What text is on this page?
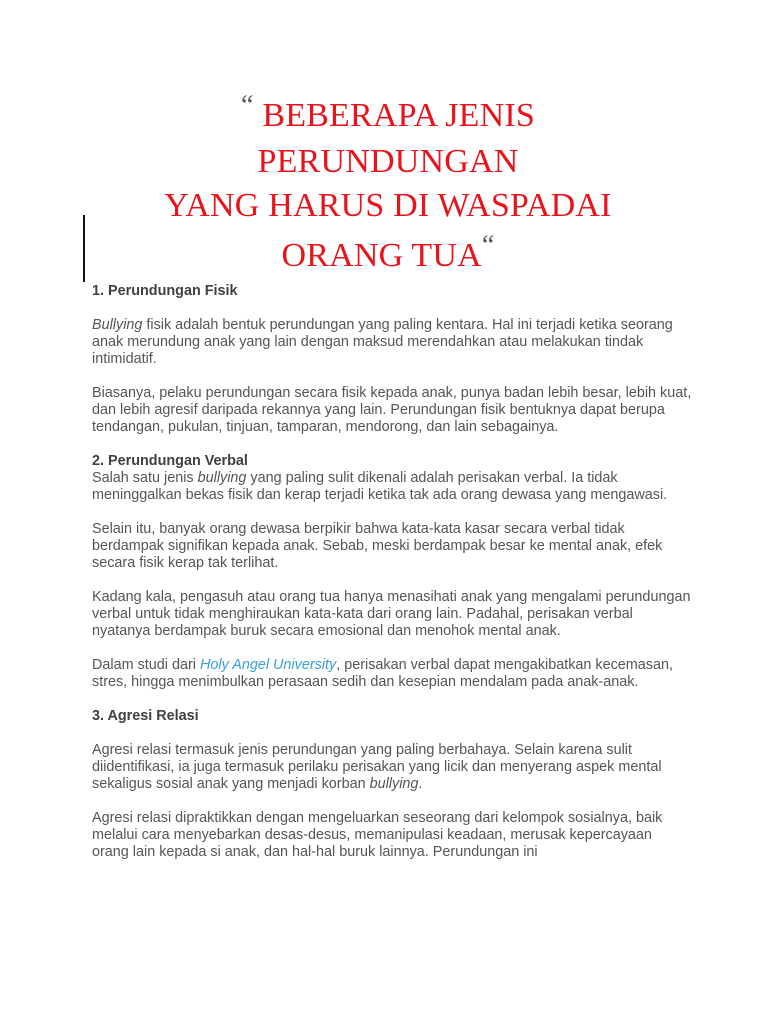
“ BEBERAPA JENIS
PERUNDUNGAN
YANG HARUS DI WASPADAI
ORANG TUA“
1. Perundungan Fisik

Bullying fisik adalah bentuk perundungan yang paling kentara. Hal ini terjadi ketika seorang anak merundung anak yang lain dengan maksud merendahkan atau melakukan tindak intimidatif.

Biasanya, pelaku perundungan secara fisik kepada anak, punya badan lebih besar, lebih kuat, dan lebih agresif daripada rekannya yang lain. Perundungan fisik bentuknya dapat berupa tendangan, pukulan, tinjuan, tamparan, mendorong, dan lain sebagainya.

2. Perundungan Verbal

Salah satu jenis bullying yang paling sulit dikenali adalah perisakan verbal. Ia tidak meninggalkan bekas fisik dan kerap terjadi ketika tak ada orang dewasa yang mengawasi.

Selain itu, banyak orang dewasa berpikir bahwa kata-kata kasar secara verbal tidak berdampak signifikan kepada anak. Sebab, meski berdampak besar ke mental anak, efek secara fisik kerap tak terlihat.

Kadang kala, pengasuh atau orang tua hanya menasihati anak yang mengalami perundungan verbal untuk tidak menghiraukan kata-kata dari orang lain. Padahal, perisakan verbal nyatanya berdampak buruk secara emosional dan menohok mental anak.

Dalam studi dari Holy Angel University, perisakan verbal dapat mengakibatkan kecemasan, stres, hingga menimbulkan perasaan sedih dan kesepian mendalam pada anak-anak.

3. Agresi Relasi

Agresi relasi termasuk jenis perundungan yang paling berbahaya. Selain karena sulit diidentifikasi, ia juga termasuk perilaku perisakan yang licik dan menyerang aspek mental sekaligus sosial anak yang menjadi korban bullying.

Agresi relasi dipraktikkan dengan mengeluarkan seseorang dari kelompok sosialnya, baik melalui cara menyebarkan desas-desus, memanipulasi keadaan, merusak kepercayaan orang lain kepada si anak, dan hal-hal buruk lainnya. Perundungan ini
